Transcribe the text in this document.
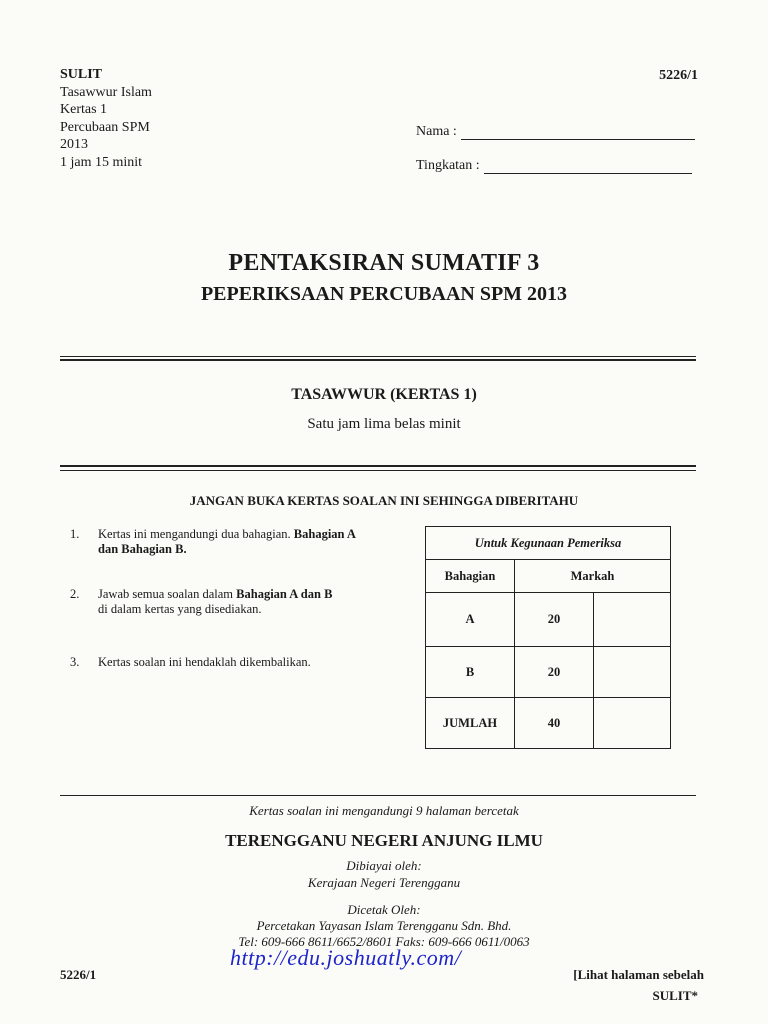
SULIT
Tasawwur Islam
Kertas 1
Percubaan SPM
2013
1 jam 15 minit
5226/1
Nama :
Tingkatan :
PENTAKSIRAN SUMATIF 3
PEPERIKSAAN PERCUBAAN SPM 2013
TASAWWUR (KERTAS 1)
Satu jam lima belas minit
JANGAN BUKA KERTAS SOALAN INI SEHINGGA DIBERITAHU
1. Kertas ini mengandungi dua bahagian. Bahagian A
dan Bahagian B.
2. Jawab semua soalan dalam Bahagian A dan B
di dalam kertas yang disediakan.
3. Kertas soalan ini hendaklah dikembalikan.
Untuk Kegunaan Pemeriksa	
Bahagian	Markah
A	20

B	20

JUMLAH	40
Kertas soalan ini mengandungi 9 halaman bercetak
TERENGGANU NEGERI ANJUNG ILMU
Dibiayai oleh:
Kerajaan Negeri Terengganu
Dicetak Oleh:
Percetakan Yayasan Islam Terengganu Sdn. Bhd.
Tel: 609-666 8611/6652/8601 Faks: 609-666 0611/0063
5226/1
http://edu.joshuatly.com/
[Lihat halaman sebelah
SULIT*
